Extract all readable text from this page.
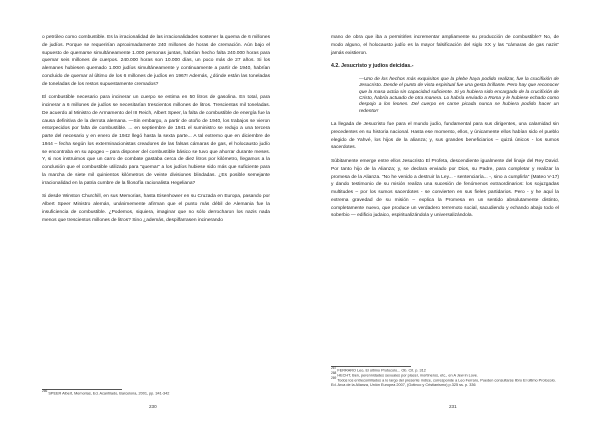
o petróleo como combustible. Es la irracionalidad de las irracionalidades sostener la quema de 6 millones de judíos. Porque se requerirían aproximadamente 240 millones de horas de cremación. Aún bajo el supuesto de quemarse simultáneamente 1.000 personas juntas, habrían hecho falta 240.000 horas para quemar seis millones de cuerpos. 240.000 horas son 10.000 días, un poco más de 27 años. Si los alemanes hubiesen quemado 1.000 judíos simultáneamente y continuamente a partir de 1940, habrían concluido de quemar al último de los 6 millones de judíos en 1967! Además, ¿dónde están las toneladas de toneladas de los restos supuestamente cremados?

El combustible necesario para incinerar un cuerpo se estima en 50 litros de gasolina. En total, para incinerar a 6 millones de judíos se necesitarían trescientos millones de litros. Trescientas mil toneladas. De acuerdo al Ministro de Armamento del III Reich, Albert Speer, la falta de combustible de energía fue la causa definitiva de la derrota alemana. —Sin embargo, a partir de otoño de 1940, los trabajos se vieron entorpecidos por falta de combustible. ... en septiembre de 1941 el suministro se redujo a una tercera parte del necesario y en enero de 1942 llegó hasta la sexta parte... A tal extremo que en diciembre de 1944 – fecha según los exterminacionistas creadores de las falsas cámaras de gas, el holocausto judío se encontraba en su apogeo – para disponer del combustible básico se tuvo que ahorrar durante meses. Y, si nos instruimos que un carro de combate gastaba cerca de diez litros por kilómetro, llegamos a la conclusión que el combustible utilizado para “quemar” a los judíos hubiese sido más que suficiente para la marcha de siete mil quinientos kilómetros de veinte divisiones blindadas. ¿Es posible semejante irracionalidad en la patria cumbre de la filosofía racionalista Hegeliana?

Si desde Winston Churchill, en sus Memorias, hasta Eisenhower en su Cruzada en Europa, pasando por Albert Speer Ministro alemán, unánimemente afirman que el punto más débil de Alemania fue la insuficiencia de combustible. ¿Podemos, siquiera, imaginar que no sólo derrocharon los nazis nada menos que trescientos millones de litros? Sino ¿además, despilfarrasen incinerando

$^{266}$ SPEER Albert, Memorias, Ed. Acantilado, Barcelona, 2001, pp. 341-342
230

mano de obra que iba a permitirles incrementar ampliamente su producción de combustible? No, de modo alguno, el holocausto judío es la mayor falsificación del siglo XX y las “cámaras de gas nazis” jamás existieron.

4.2. Jesucristo y judíos deicidas.-
—Uno de los hechos más exquisitos que la plebe haya podido realizar, fue la crucifixión de Jesucristo. Desde el punto de vista espiritual fue una gesta brillante. Pero hay que reconocer que la masa actúa sin capacidad suficiente. Si yo hubiera sido encargado de la crucifixión de Cristo, habría actuado de otra manera. Lo habría enviado a Roma y le hubiese echado como despojo a los leones. Del cuerpo en carne picada nunca se hubiera podido hacer un redentor!

La llegada de Jesucristo fue para el mundo judío, fundamental para sus dirigentes, una calamidad sin precedentes en su historia nacional. Hasta ese momento, ellos, y únicamente ellos habían sido el pueblo elegido de Yahvé, los hijos de la alianza; y, sus grandes beneficiarios – quizá únicos - los sumos sacerdotes.

Súbitamente emerge entre ellos Jesucristo El Profeta, descendiente igualmente del linaje del Rey David. Por tanto hijo de la Alianza; y, se declara enviado por Dios, su Padre, para completar y realizar la promesa de la Alianza. “No he venido a destruir la Ley... - sentenciaría... -, sino a cumplirla” (Mateo V-17) y dando testimonio de su misión realiza una sucesión de fenómenos extraordinarios: los sojuzgadas multitudes – por los sumos sacerdotes - se convierten en sus fieles partidarios. Pero - y he aquí la extrema gravedad de su misión – explica la Promesa en un sentido absolutamente distinto, completamente nuevo, que produce un verdadero terremoto social, sacudiendo y echando abajo todo el soberbio — edificio judaico, espiritualizándola y universalizándola.

$^{267}$ FERRARO Leo, El último Protocolo... Ob. Cit. p. 312
$^{268}$ HECHT, Ben, perennidades sexuales por placer, mortíneros, etc., en A Jew in Love.
$^{269}$ Todos los entrecomillados a lo largo del presente índice, corresponde a Leo Ferraro, Pueden consultarse libro El último Protocolo. Ed. Arca de la Alianza, Unión Europea 2007, (Gotinco y Cristianismo) p.325 ss. p. 336
231
